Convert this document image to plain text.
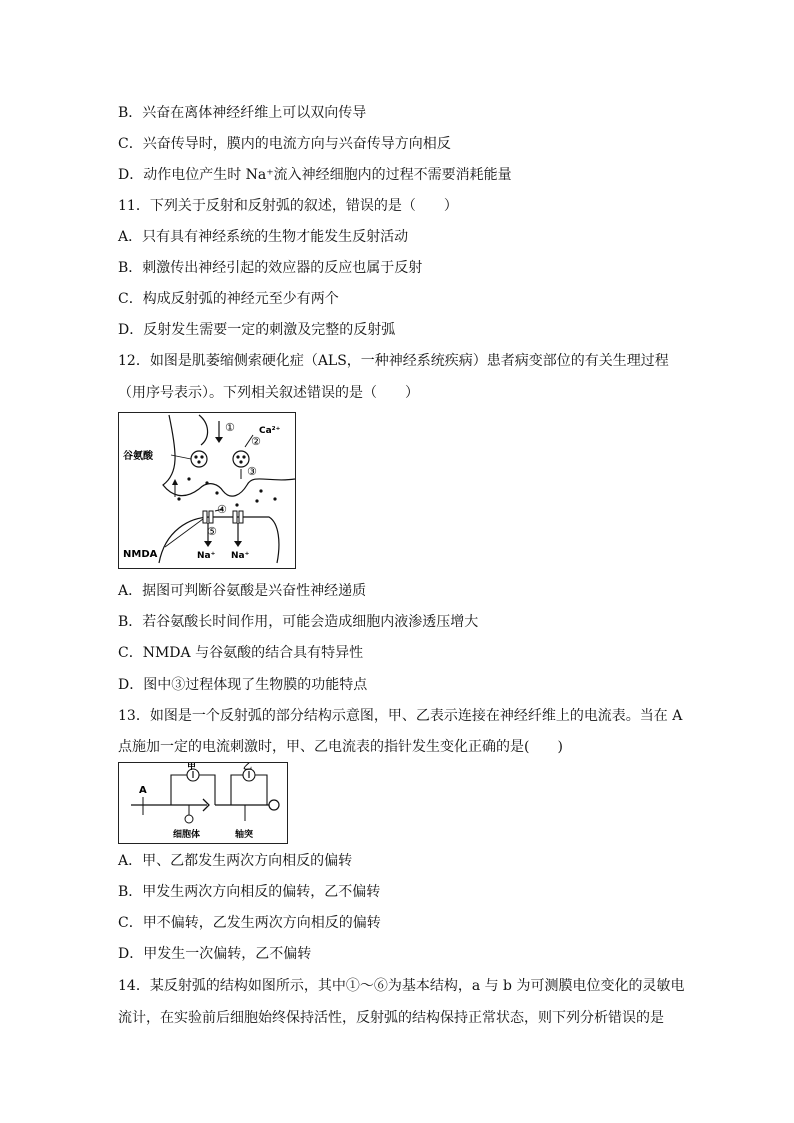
B．兴奋在离体神经纤维上可以双向传导
C．兴奋传导时，膜内的电流方向与兴奋传导方向相反
D．动作电位产生时 Na⁺流入神经细胞内的过程不需要消耗能量
11．下列关于反射和反射弧的叙述，错误的是（　　）
A．只有具有神经系统的生物才能发生反射活动
B．刺激传出神经引起的效应器的反应也属于反射
C．构成反射弧的神经元至少有两个
D．反射发生需要一定的刺激及完整的反射弧
12．如图是肌萎缩侧索硬化症（ALS，一种神经系统疾病）患者病变部位的有关生理过程
（用序号表示）。下列相关叙述错误的是（　　）
谷氨酸
①	Ca²⁺
②
③
④
⑤
Na⁺ Na⁺
NMDA
A．据图可判断谷氨酸是兴奋性神经递质
B．若谷氨酸长时间作用，可能会造成细胞内液渗透压增大
C．NMDA 与谷氨酸的结合具有特异性
D．图中③过程体现了生物膜的功能特点
13．如图是一个反射弧的部分结构示意图，甲、乙表示连接在神经纤维上的电流表。当在 A
点施加一定的电流刺激时，甲、乙电流表的指针发生变化正确的是(　　)
A
甲	乙
细胞体	轴突
A．甲、乙都发生两次方向相反的偏转
B．甲发生两次方向相反的偏转，乙不偏转
C．甲不偏转，乙发生两次方向相反的偏转
D．甲发生一次偏转，乙不偏转
14．某反射弧的结构如图所示，其中①～⑥为基本结构，a 与 b 为可测膜电位变化的灵敏电
流计，在实验前后细胞始终保持活性，反射弧的结构保持正常状态，则下列分析错误的是
